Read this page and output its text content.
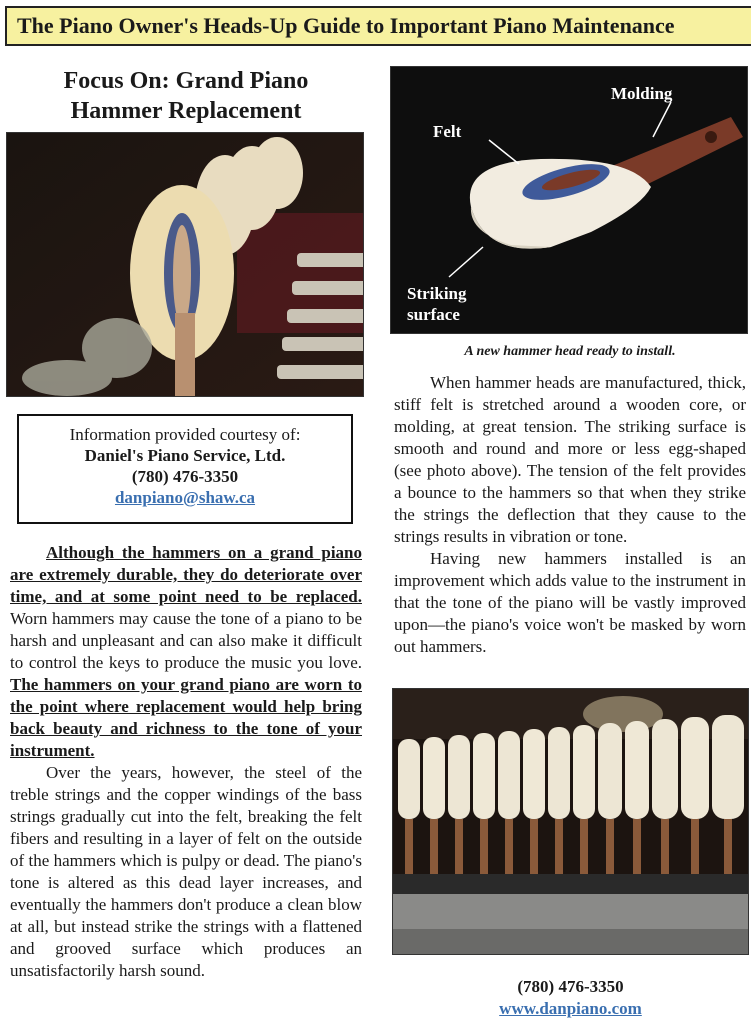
The Piano Owner's Heads-Up Guide to Important Piano Maintenance
Focus On: Grand Piano
Hammer Replacement
Information provided courtesy of:
Daniel's Piano Service, Ltd.
(780) 476-3350
danpiano@shaw.ca

Although the hammers on a grand piano are extremely durable, they do deteriorate over time, and at some point need to be replaced. Worn hammers may cause the tone of a piano to be harsh and unpleasant and can also make it difficult to control the keys to produce the music you love. The hammers on your grand piano are worn to the point where replacement would help bring back beauty and richness to the tone of your instrument.

Over the years, however, the steel of the treble strings and the copper windings of the bass strings gradually cut into the felt, breaking the felt fibers and resulting in a layer of felt on the outside of the hammers which is pulpy or dead. The piano's tone is altered as this dead layer increases, and eventually the hammers don't produce a clean blow at all, but instead strike the strings with a flattened and grooved surface which produces an unsatisfactorily harsh sound.

Molding
Felt
Striking
surface
A new hammer head ready to install.

When hammer heads are manufactured, thick, stiff felt is stretched around a wooden core, or molding, at great tension. The striking surface is smooth and round and more or less egg-shaped (see photo above). The tension of the felt provides a bounce to the hammers so that when they strike the strings the deflection that they cause to the strings results in vibration or tone.

Having new hammers installed is an improvement which adds value to the instrument in that the tone of the piano will be vastly improved upon—the piano's voice won't be masked by worn out hammers.

(780) 476-3350
www.danpiano.com
